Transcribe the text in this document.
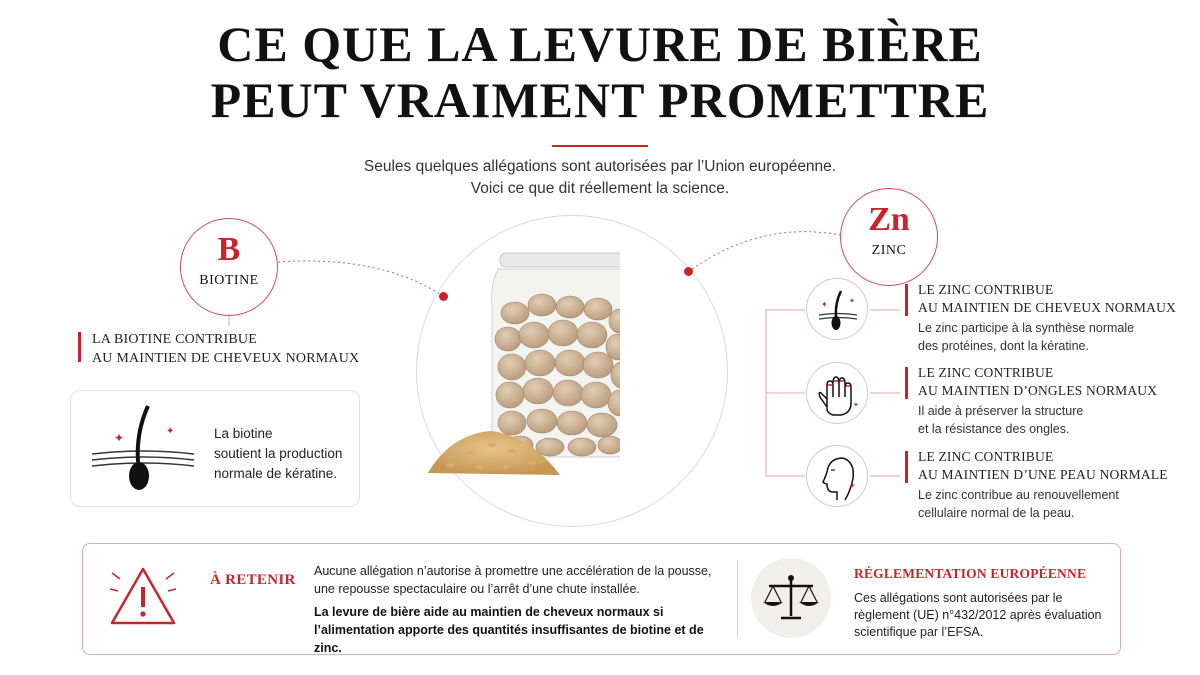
CE QUE LA LEVURE DE BIÈRE
PEUT VRAIMENT PROMETTRE
Seules quelques allégations sont autorisées par l’Union européenne.
Voici ce que dit réellement la science.
B
BIOTINE
LA BIOTINE CONTRIBUE
AU MAINTIEN DE CHEVEUX NORMAUX
✦	✦	La biotine
soutient la production
normale de kératine.
Zn
ZINC
✦	✦
LE ZINC CONTRIBUE
AU MAINTIEN DE CHEVEUX NORMAUX
Le zinc participe à la synthèse normale
des protéines, dont la kératine.
✦
LE ZINC CONTRIBUE
AU MAINTIEN D’ONGLES NORMAUX
Il aide à préserver la structure
et la résistance des ongles.
✦
LE ZINC CONTRIBUE
AU MAINTIEN D’UNE PEAU NORMALE
Le zinc contribue au renouvellement
cellulaire normal de la peau.
À RETENIR
Aucune allégation n’autorise à promettre une accélération de la pousse, une repousse spectaculaire ou l’arrêt d’une chute installée.
La levure de bière aide au maintien de cheveux normaux si l’alimentation apporte des quantités insuffisantes de biotine et de zinc.
RÉGLEMENTATION EUROPÉENNE
Ces allégations sont autorisées par le règlement (UE) n°432/2012 après évaluation scientifique par l’EFSA.
